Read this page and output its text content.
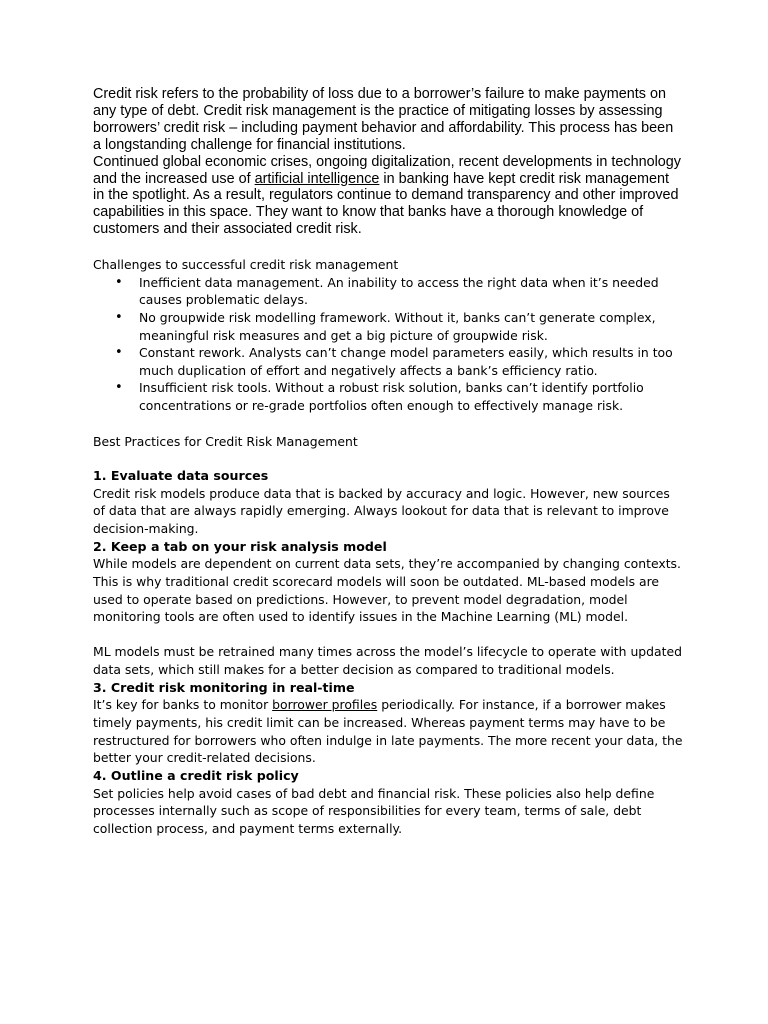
Credit risk refers to the probability of loss due to a borrower’s failure to make payments on any type of debt. Credit risk management is the practice of mitigating losses by assessing borrowers’ credit risk – including payment behavior and affordability. This process has been a longstanding challenge for financial institutions.

Continued global economic crises, ongoing digitalization, recent developments in technology and the increased use of artificial intelligence in banking have kept credit risk management in the spotlight. As a result, regulators continue to demand transparency and other improved capabilities in this space. They want to know that banks have a thorough knowledge of customers and their associated credit risk.

Challenges to successful credit risk management

• Inefficient data management. An inability to access the right data when it’s needed causes problematic delays.
• No groupwide risk modelling framework. Without it, banks can’t generate complex, meaningful risk measures and get a big picture of groupwide risk.
• Constant rework. Analysts can’t change model parameters easily, which results in too much duplication of effort and negatively affects a bank’s efficiency ratio.
• Insufficient risk tools. Without a robust risk solution, banks can’t identify portfolio concentrations or re-grade portfolios often enough to effectively manage risk.

Best Practices for Credit Risk Management

1. Evaluate data sources

Credit risk models produce data that is backed by accuracy and logic. However, new sources of data that are always rapidly emerging. Always lookout for data that is relevant to improve decision-making.

2. Keep a tab on your risk analysis model

While models are dependent on current data sets, they’re accompanied by changing contexts. This is why traditional credit scorecard models will soon be outdated. ML-based models are used to operate based on predictions. However, to prevent model degradation, model monitoring tools are often used to identify issues in the Machine Learning (ML) model.

ML models must be retrained many times across the model’s lifecycle to operate with updated data sets, which still makes for a better decision as compared to traditional models.

3. Credit risk monitoring in real-time

It’s key for banks to monitor borrower profiles periodically. For instance, if a borrower makes timely payments, his credit limit can be increased. Whereas payment terms may have to be restructured for borrowers who often indulge in late payments. The more recent your data, the better your credit-related decisions.

4. Outline a credit risk policy

Set policies help avoid cases of bad debt and financial risk. These policies also help define processes internally such as scope of responsibilities for every team, terms of sale, debt collection process, and payment terms externally.
